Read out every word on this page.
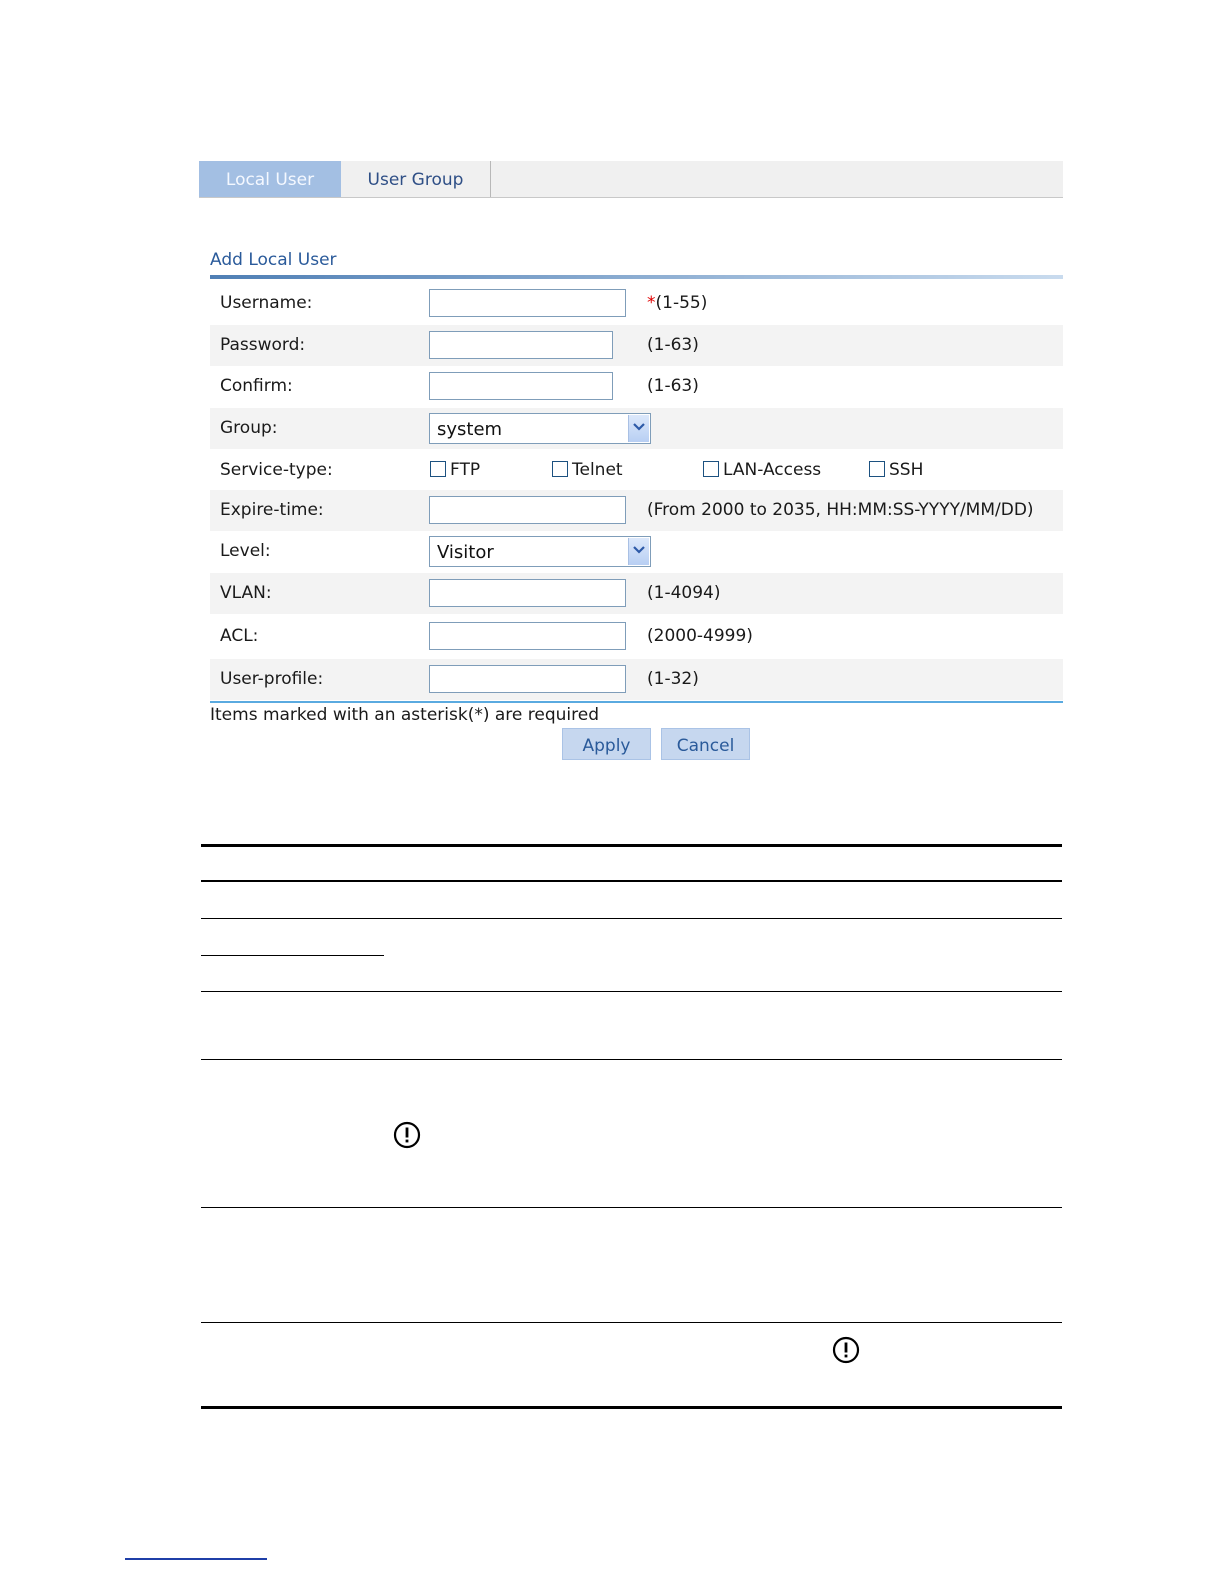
Local User	User Group
Add Local User
Username:	*(1-55)
Password:	(1-63)
Confirm:	(1-63)
Group:	system
Service-type:	FTP	Telnet	LAN-Access	SSH
Expire-time:	(From 2000 to 2035, HH:MM:SS-YYYY/MM/DD)
Level:	Visitor
VLAN:	(1-4094)
ACL:	(2000-4999)
User-profile:	(1-32)
Items marked with an asterisk(*) are required
Apply	Cancel
